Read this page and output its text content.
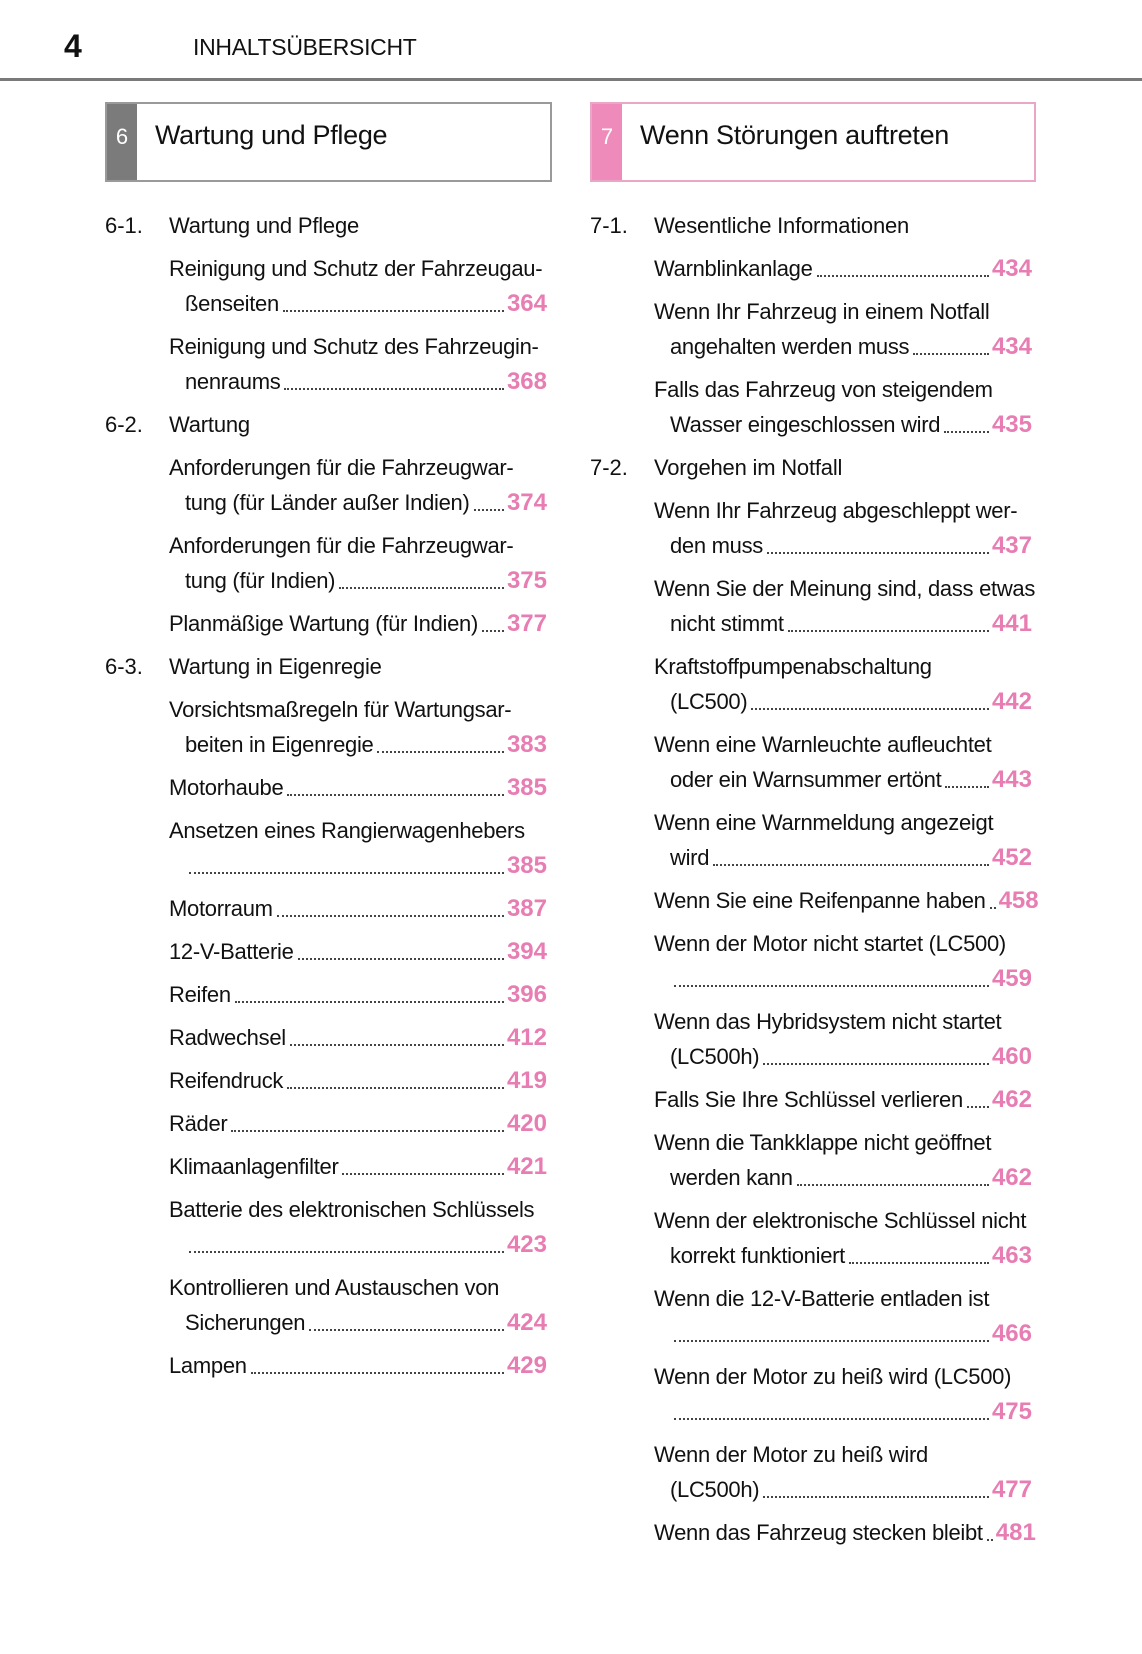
4	INHALTSÜBERSICHT
6 Wartung und Pflege	7 Wenn Störungen auftreten
6-1.	Wartung und Pflege
Reinigung und Schutz der Fahrzeugau-
ßenseiten	364
Reinigung und Schutz des Fahrzeugin-
nenraums	368
6-2.	Wartung
Anforderungen für die Fahrzeugwar-
tung (für Länder außer Indien) 374
Anforderungen für die Fahrzeugwar-
tung (für Indien)	375
Planmäßige Wartung (für Indien) 377
6-3.	Wartung in Eigenregie
Vorsichtsmaßregeln für Wartungsar-
beiten in Eigenregie	383
Motorhaube	385
Ansetzen eines Rangierwagenhebers
385
Motorraum	387
12-V-Batterie	394
Reifen	396
Radwechsel	412
Reifendruck	419
Räder	420
Klimaanlagenfilter	421
Batterie des elektronischen Schlüssels
423
Kontrollieren und Austauschen von
Sicherungen	424
Lampen	429
7-1.	Wesentliche Informationen
Warnblinkanlage	434
Wenn Ihr Fahrzeug in einem Notfall
angehalten werden muss	434
Falls das Fahrzeug von steigendem
Wasser eingeschlossen wird 435
7-2.	Vorgehen im Notfall
Wenn Ihr Fahrzeug abgeschleppt wer-
den muss	437
Wenn Sie der Meinung sind, dass etwas
nicht stimmt	441
Kraftstoffpumpenabschaltung
(LC500)	442
Wenn eine Warnleuchte aufleuchtet
oder ein Warnsummer ertönt 443
Wenn eine Warnmeldung angezeigt
wird	452
Wenn Sie eine Reifenpanne haben 458
Wenn der Motor nicht startet (LC500)
459
Wenn das Hybridsystem nicht startet
(LC500h)	460
Falls Sie Ihre Schlüssel verlieren 462
Wenn die Tankklappe nicht geöffnet
werden kann	462
Wenn der elektronische Schlüssel nicht
korrekt funktioniert	463
Wenn die 12-V-Batterie entladen ist
466
Wenn der Motor zu heiß wird (LC500)
475
Wenn der Motor zu heiß wird
(LC500h)	477
Wenn das Fahrzeug stecken bleibt 481
